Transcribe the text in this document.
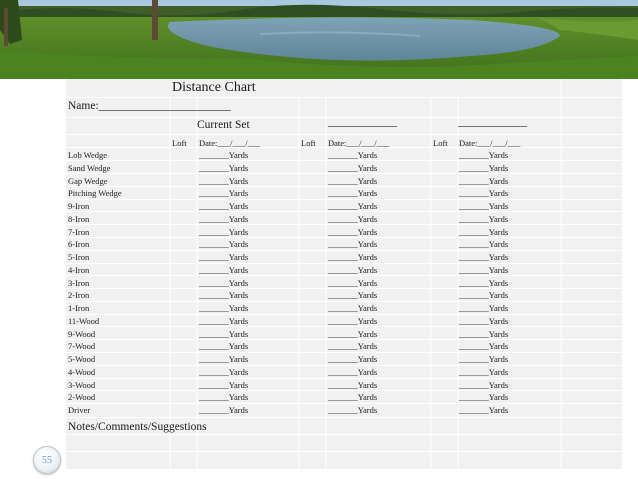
Distance Chart
Name:_______________________
Current Set	____________	____________
Loft Date:___/___/___	Loft Date:___/___/___	Loft Date:___/___/___
Lob Wedge	_______Yards	_______Yards	_______Yards
Sand Wedge	_______Yards	_______Yards	_______Yards
Gap Wedge	_______Yards	_______Yards	_______Yards
Pitching Wedge	_______Yards	_______Yards	_______Yards
9-Iron	_______Yards	_______Yards	_______Yards
8-Iron	_______Yards	_______Yards	_______Yards
7-Iron	_______Yards	_______Yards	_______Yards
6-Iron	_______Yards	_______Yards	_______Yards
5-Iron	_______Yards	_______Yards	_______Yards
4-Iron	_______Yards	_______Yards	_______Yards
3-Iron	_______Yards	_______Yards	_______Yards
2-Iron	_______Yards	_______Yards	_______Yards
1-Iron	_______Yards	_______Yards	_______Yards
11-Wood	_______Yards	_______Yards	_______Yards
9-Wood	_______Yards	_______Yards	_______Yards
7-Wood	_______Yards	_______Yards	_______Yards
5-Wood	_______Yards	_______Yards	_______Yards
4-Wood	_______Yards	_______Yards	_______Yards
3-Wood	_______Yards	_______Yards	_______Yards
2-Wood	_______Yards	_______Yards	_______Yards
Driver	_______Yards	_______Yards	_______Yards
Notes/Comments/Suggestions
55
